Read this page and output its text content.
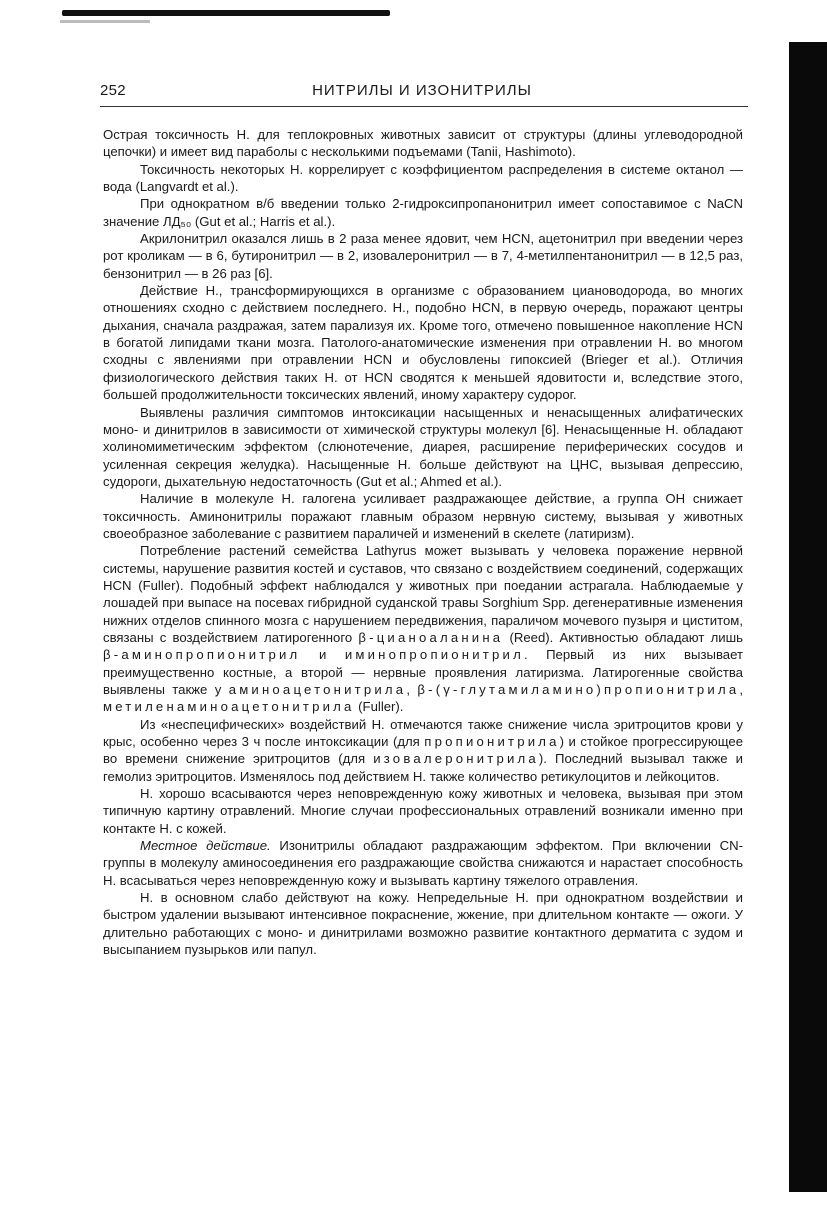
252	НИТРИЛЫ И ИЗОНИТРИЛЫ

Острая токсичность Н. для теплокровных животных зависит от структуры (длины углеводородной цепочки) и имеет вид параболы с несколькими подъемами (Tanii, Hashimoto).

Токсичность некоторых Н. коррелирует с коэффициентом распределения в системе октанол — вода (Langvardt et al.).

При однократном в/б введении только 2-гидроксипропанонитрил имеет сопоставимое с NaCN значение ЛД₅₀ (Gut et al.; Harris et al.).

Акрилонитрил оказался лишь в 2 раза менее ядовит, чем HCN, ацетонитрил при введении через рот кроликам — в 6, бутиронитрил — в 2, изовалеронитрил — в 7, 4-метилпентанонитрил — в 12,5 раз, бензонитрил — в 26 раз [6].

Действие Н., трансформирующихся в организме с образованием циановодорода, во многих отношениях сходно с действием последнего. Н., подобно HCN, в первую очередь, поражают центры дыхания, сначала раздражая, затем парализуя их. Кроме того, отмечено повышенное накопление HCN в богатой липидами ткани мозга. Патолого-анатомические изменения при отравлении Н. во многом сходны с явлениями при отравлении HCN и обусловлены гипоксией (Brieger et al.). Отличия физиологического действия таких Н. от HCN сводятся к меньшей ядовитости и, вследствие этого, большей продолжительности токсических явлений, иному характеру судорог.

Выявлены различия симптомов интоксикации насыщенных и ненасыщенных алифатических моно- и динитрилов в зависимости от химической структуры молекул [6]. Ненасыщенные Н. обладают холиномиметическим эффектом (слюнотечение, диарея, расширение периферических сосудов и усиленная секреция желудка). Насыщенные Н. больше действуют на ЦНС, вызывая депрессию, судороги, дыхательную недостаточность (Gut et al.; Ahmed et al.).

Наличие в молекуле Н. галогена усиливает раздражающее действие, а группа ОН снижает токсичность. Аминонитрилы поражают главным образом нервную систему, вызывая у животных своеобразное заболевание с развитием параличей и изменений в скелете (латиризм).

Потребление растений семейства Lathyrus может вызывать у человека поражение нервной системы, нарушение развития костей и суставов, что связано с воздействием соединений, содержащих HCN (Fuller). Подобный эффект наблюдался у животных при поедании астрагала. Наблюдаемые у лошадей при выпасе на посевах гибридной суданской травы Sorghium Spp. дегенеративные изменения нижних отделов спинного мозга с нарушением передвижения, параличом мочевого пузыря и циститом, связаны с воздействием латирогенного β-цианоаланина (Reed). Активностью обладают лишь β-аминопропионитрил и иминопропионитрил. Первый из них вызывает преимущественно костные, а второй — нервные проявления латиризма. Латирогенные свойства выявлены также у аминоацетонитрила, β-(γ-глутамиламино)пропионитрила, метиленаминоацетонитрила (Fuller).

Из «неспецифических» воздействий Н. отмечаются также снижение числа эритроцитов крови у крыс, особенно через 3 ч после интоксикации (для пропионитрила) и стойкое прогрессирующее во времени снижение эритроцитов (для изовалеронитрила). Последний вызывал также и гемолиз эритроцитов. Изменялось под действием Н. также количество ретикулоцитов и лейкоцитов.

Н. хорошо всасываются через неповрежденную кожу животных и человека, вызывая при этом типичную картину отравлений. Многие случаи профессиональных отравлений возникали именно при контакте Н. с кожей.

Местное действие. Изонитрилы обладают раздражающим эффектом. При включении CN-группы в молекулу аминосоединения его раздражающие свойства снижаются и нарастает способность Н. всасываться через неповрежденную кожу и вызывать картину тяжелого отравления.

Н. в основном слабо действуют на кожу. Непредельные Н. при однократном воздействии и быстром удалении вызывают интенсивное покраснение, жжение, при длительном контакте — ожоги. У длительно работающих с моно- и динитрилами возможно развитие контактного дерматита с зудом и высыпанием пузырьков или папул.
